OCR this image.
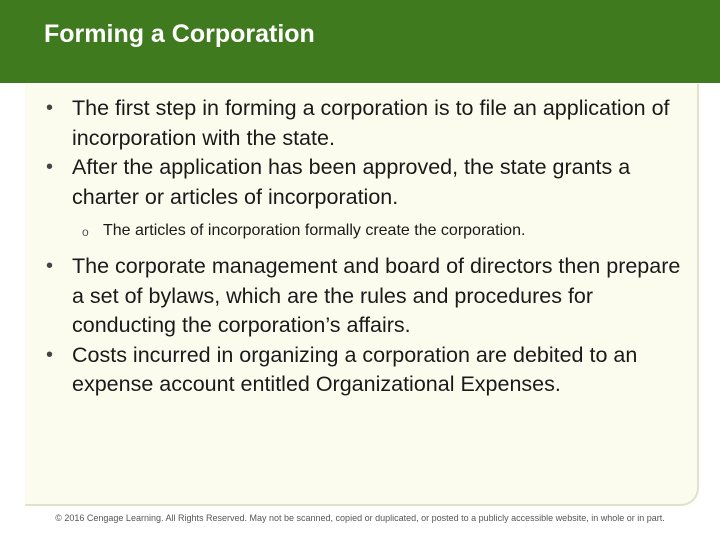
Forming a Corporation
• The first step in forming a corporation is to file an application of incorporation with the state.
• After the application has been approved, the state grants a charter or articles of incorporation.
o The articles of incorporation formally create the corporation.
• The corporate management and board of directors then prepare a set of bylaws, which are the rules and procedures for conducting the corporation’s affairs.
• Costs incurred in organizing a corporation are debited to an expense account entitled Organizational Expenses.
© 2016 Cengage Learning. All Rights Reserved. May not be scanned, copied or duplicated, or posted to a publicly accessible website, in whole or in part.
